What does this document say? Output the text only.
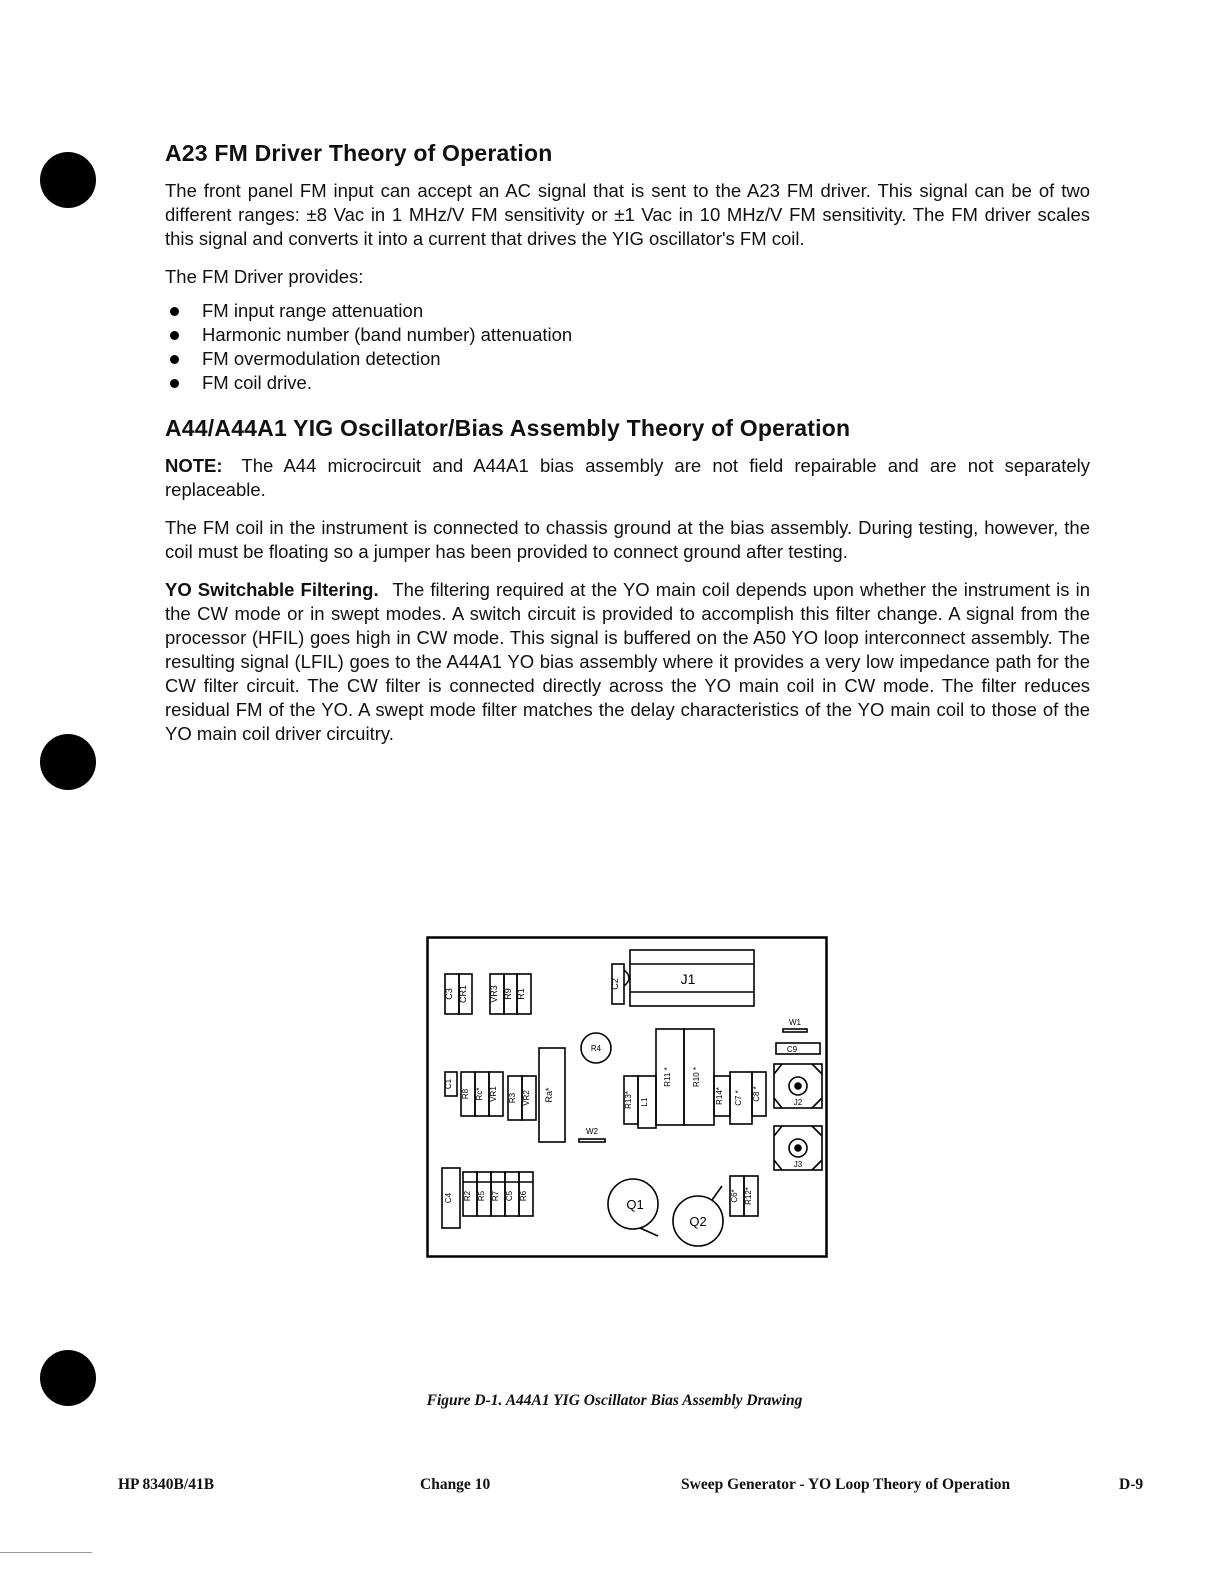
A23 FM Driver Theory of Operation

The front panel FM input can accept an AC signal that is sent to the A23 FM driver. This signal can be of two different ranges: ±8 Vac in 1 MHz/V FM sensitivity or ±1 Vac in 10 MHz/V FM sensitivity. The FM driver scales this signal and converts it into a current that drives the YIG oscillator's FM coil.

The FM Driver provides:

FM input range attenuation
Harmonic number (band number) attenuation
FM overmodulation detection
FM coil drive.
A44/A44A1 YIG Oscillator/Bias Assembly Theory of Operation

NOTE: The A44 microcircuit and A44A1 bias assembly are not field repairable and are not separately replaceable.

The FM coil in the instrument is connected to chassis ground at the bias assembly. During testing, however, the coil must be floating so a jumper has been provided to connect ground after testing.

YO Switchable Filtering. The filtering required at the YO main coil depends upon whether the instrument is in the CW mode or in swept modes. A switch circuit is provided to accomplish this filter change. A signal from the processor (HFIL) goes high in CW mode. This signal is buffered on the A50 YO loop interconnect assembly. The resulting signal (LFIL) goes to the A44A1 YO bias assembly where it provides a very low impedance path for the CW filter circuit. The CW filter is connected directly across the YO main coil in CW mode. The filter reduces residual FM of the YO. A swept mode filter matches the delay characteristics of the YO main coil to those of the YO main coil driver circuitry.

C3 CR1 VR3 R9 R1
C2	J1
W1
C9
R4
C1
R8 Rc* VR1 R3 VR2 Ra*
W2
R13* L1
R11 *	R10 *
R14* C7 * C8 *
J2
J3
C4 R2 R5 R7 C5 R6
Q1
Q2
C6* R12*
Figure D-1. A44A1 YIG Oscillator Bias Assembly Drawing
HP 8340B/41B	Change 10	Sweep Generator - YO Loop Theory of Operation	D-9
